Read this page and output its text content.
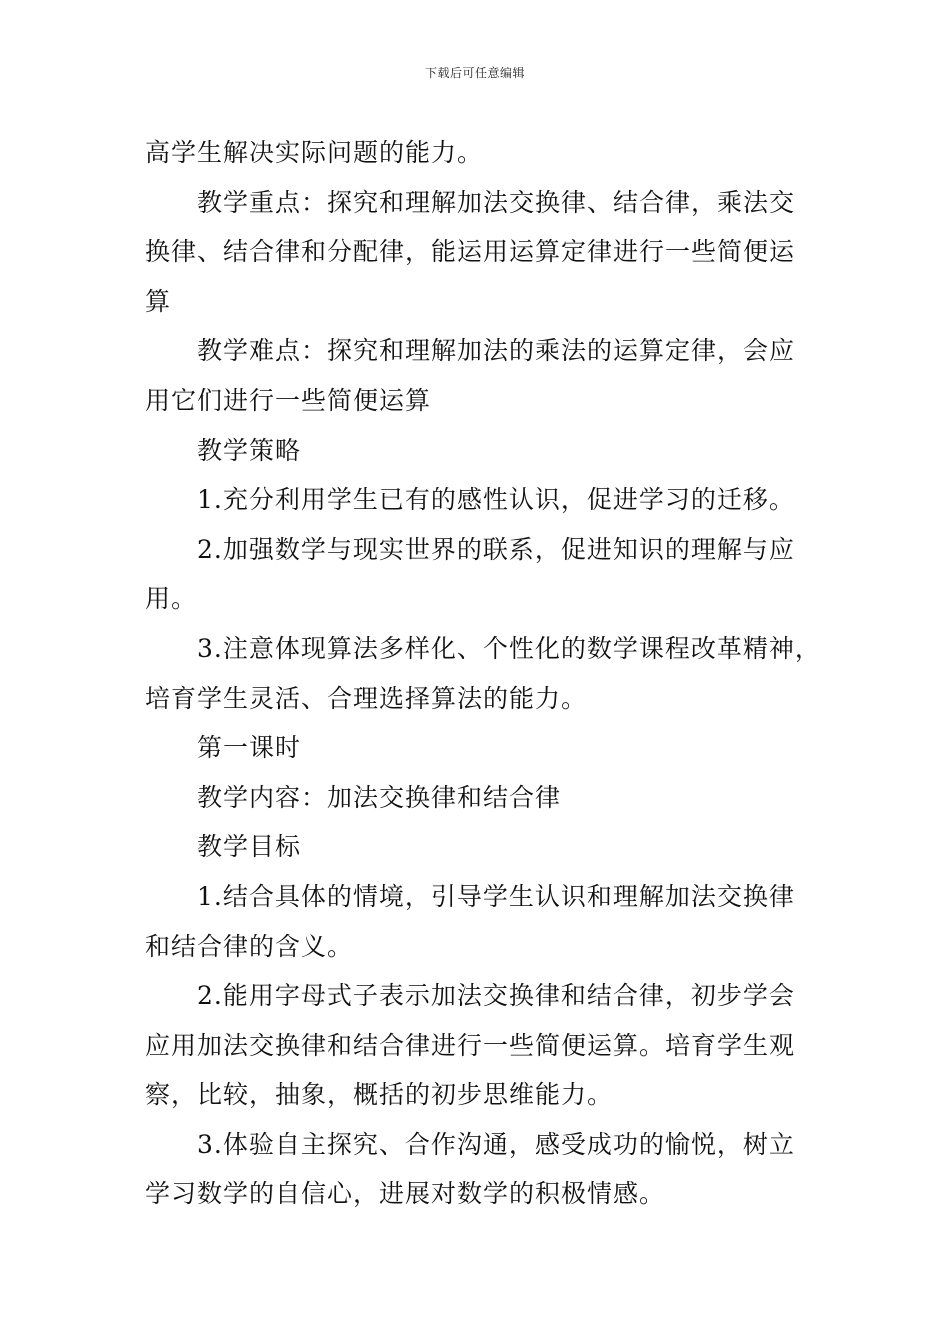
下载后可任意编辑
高学生解决实际问题的能力。
教学重点：探究和理解加法交换律、结合律，乘法交
换律、结合律和分配律，能运用运算定律进行一些简便运
算
教学难点：探究和理解加法的乘法的运算定律，会应
用它们进行一些简便运算
教学策略
1.充分利用学生已有的感性认识，促进学习的迁移。
2.加强数学与现实世界的联系，促进知识的理解与应
用。
3.注意体现算法多样化、个性化的数学课程改革精神，
培育学生灵活、合理选择算法的能力。
第一课时
教学内容：加法交换律和结合律
教学目标
1.结合具体的情境，引导学生认识和理解加法交换律
和结合律的含义。
2.能用字母式子表示加法交换律和结合律，初步学会
应用加法交换律和结合律进行一些简便运算。培育学生观
察，比较，抽象，概括的初步思维能力。
3.体验自主探究、合作沟通，感受成功的愉悦，树立
学习数学的自信心，进展对数学的积极情感。
